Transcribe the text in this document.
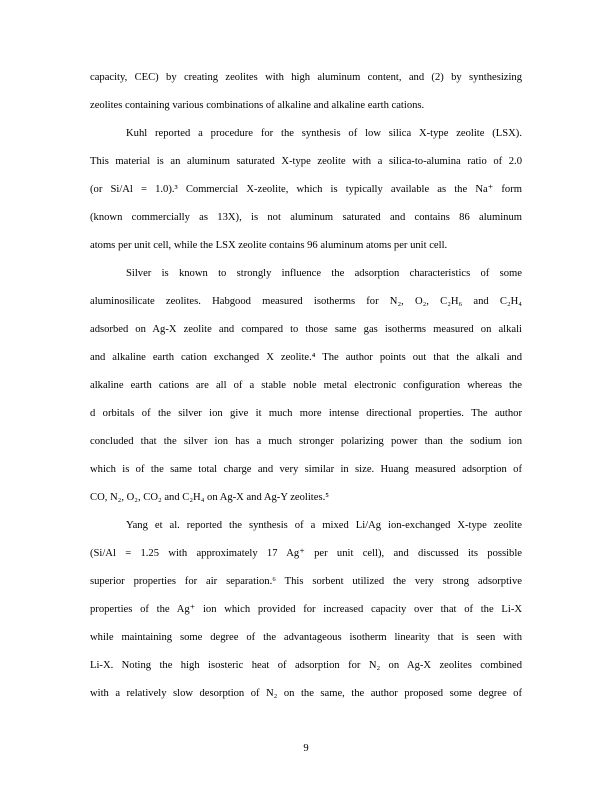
capacity, CEC) by creating zeolites with high aluminum content, and (2) by synthesizing
zeolites containing various combinations of alkaline and alkaline earth cations.
Kuhl reported a procedure for the synthesis of low silica X-type zeolite (LSX).
This material is an aluminum saturated X-type zeolite with a silica-to-alumina ratio of 2.0
(or Si/Al = 1.0).³ Commercial X-zeolite, which is typically available as the Na⁺ form
(known commercially as 13X), is not aluminum saturated and contains 86 aluminum
atoms per unit cell, while the LSX zeolite contains 96 aluminum atoms per unit cell.
Silver is known to strongly influence the adsorption characteristics of some
aluminosilicate zeolites. Habgood measured isotherms for N₂, O₂, C₂H₆ and C₂H₄
adsorbed on Ag-X zeolite and compared to those same gas isotherms measured on alkali
and alkaline earth cation exchanged X zeolite.⁴ The author points out that the alkali and
alkaline earth cations are all of a stable noble metal electronic configuration whereas the
d orbitals of the silver ion give it much more intense directional properties. The author
concluded that the silver ion has a much stronger polarizing power than the sodium ion
which is of the same total charge and very similar in size. Huang measured adsorption of
CO, N₂, O₂, CO₂ and C₂H₄ on Ag-X and Ag-Y zeolites.⁵
Yang et al. reported the synthesis of a mixed Li/Ag ion-exchanged X-type zeolite
(Si/Al = 1.25 with approximately 17 Ag⁺ per unit cell), and discussed its possible
superior properties for air separation.⁶ This sorbent utilized the very strong adsorptive
properties of the Ag⁺ ion which provided for increased capacity over that of the Li-X
while maintaining some degree of the advantageous isotherm linearity that is seen with
Li-X. Noting the high isosteric heat of adsorption for N₂ on Ag-X zeolites combined
with a relatively slow desorption of N₂ on the same, the author proposed some degree of
9
